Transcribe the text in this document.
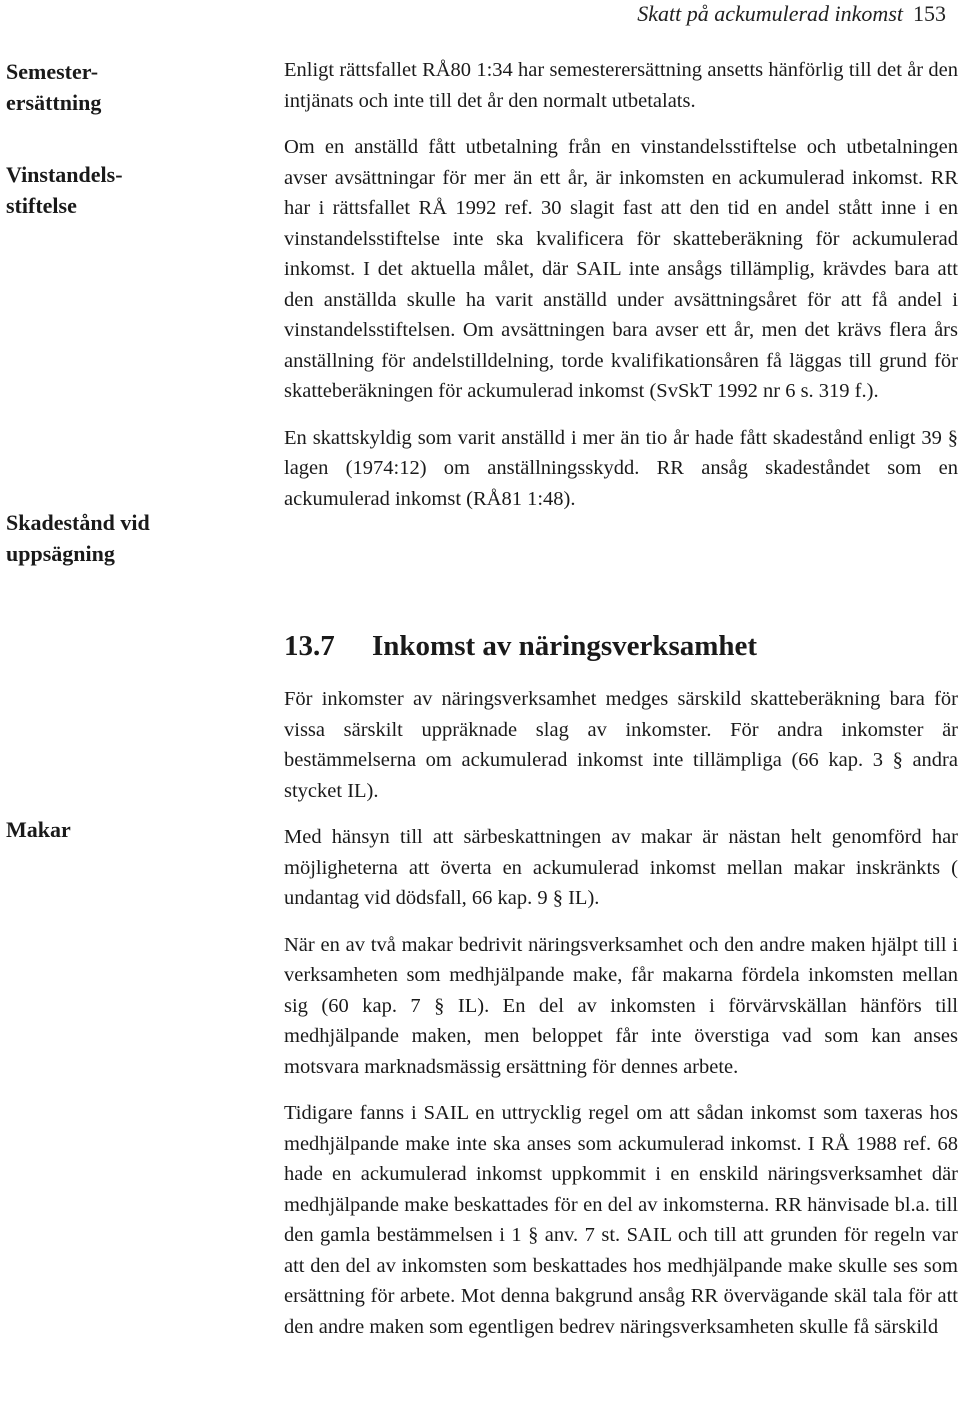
Skatt på ackumulerad inkomst 153
Semester-
ersättning
Vinstandels-
stiftelse
Skadestånd vid
uppsägning
Makar

Enligt rättsfallet RÅ80 1:34 har semesterersättning ansetts hänförlig till det år den intjänats och inte till det år den normalt utbetalats.

Om en anställd fått utbetalning från en vinstandelsstiftelse och utbetalningen avser avsättningar för mer än ett år, är inkomsten en ackumulerad inkomst. RR har i rättsfallet RÅ 1992 ref. 30 slagit fast att den tid en andel stått inne i en vinstandelsstiftelse inte ska kvalificera för skatteberäkning för ackumulerad inkomst. I det aktuella målet, där SAIL inte ansågs tillämplig, krävdes bara att den anställda skulle ha varit anställd under avsättningsåret för att få andel i vinstandelsstiftelsen. Om avsättningen bara avser ett år, men det krävs flera års anställning för andelstilldelning, torde kvalifikationsåren få läggas till grund för skatteberäkningen för ackumulerad inkomst (SvSkT 1992 nr 6 s. 319 f.).

En skattskyldig som varit anställd i mer än tio år hade fått skadestånd enligt 39 § lagen (1974:12) om anställningsskydd. RR ansåg skadeståndet som en ackumulerad inkomst (RÅ81 1:48).

13.7 Inkomst av näringsverksamhet

För inkomster av näringsverksamhet medges särskild skatteberäkning bara för vissa särskilt uppräknade slag av inkomster. För andra inkomster är bestämmelserna om ackumulerad inkomst inte tillämpliga (66 kap. 3 § andra stycket IL).

Med hänsyn till att särbeskattningen av makar är nästan helt genomförd har möjligheterna att överta en ackumulerad inkomst mellan makar inskränkts ( undantag vid dödsfall, 66 kap. 9 § IL).

När en av två makar bedrivit näringsverksamhet och den andre maken hjälpt till i verksamheten som medhjälpande make, får makarna fördela inkomsten mellan sig (60 kap. 7 § IL). En del av inkomsten i förvärvskällan hänförs till medhjälpande maken, men beloppet får inte överstiga vad som kan anses motsvara marknadsmässig ersättning för dennes arbete.

Tidigare fanns i SAIL en uttrycklig regel om att sådan inkomst som taxeras hos medhjälpande make inte ska anses som ackumulerad inkomst. I RÅ 1988 ref. 68 hade en ackumulerad inkomst uppkommit i en enskild näringsverksamhet där medhjälpande make beskattades för en del av inkomsterna. RR hänvisade bl.a. till den gamla bestämmelsen i 1 § anv. 7 st. SAIL och till att grunden för regeln var att den del av inkomsten som beskattades hos medhjälpande make skulle ses som ersättning för arbete. Mot denna bakgrund ansåg RR övervägande skäl tala för att den andre maken som egentligen bedrev näringsverksamheten skulle få särskild
